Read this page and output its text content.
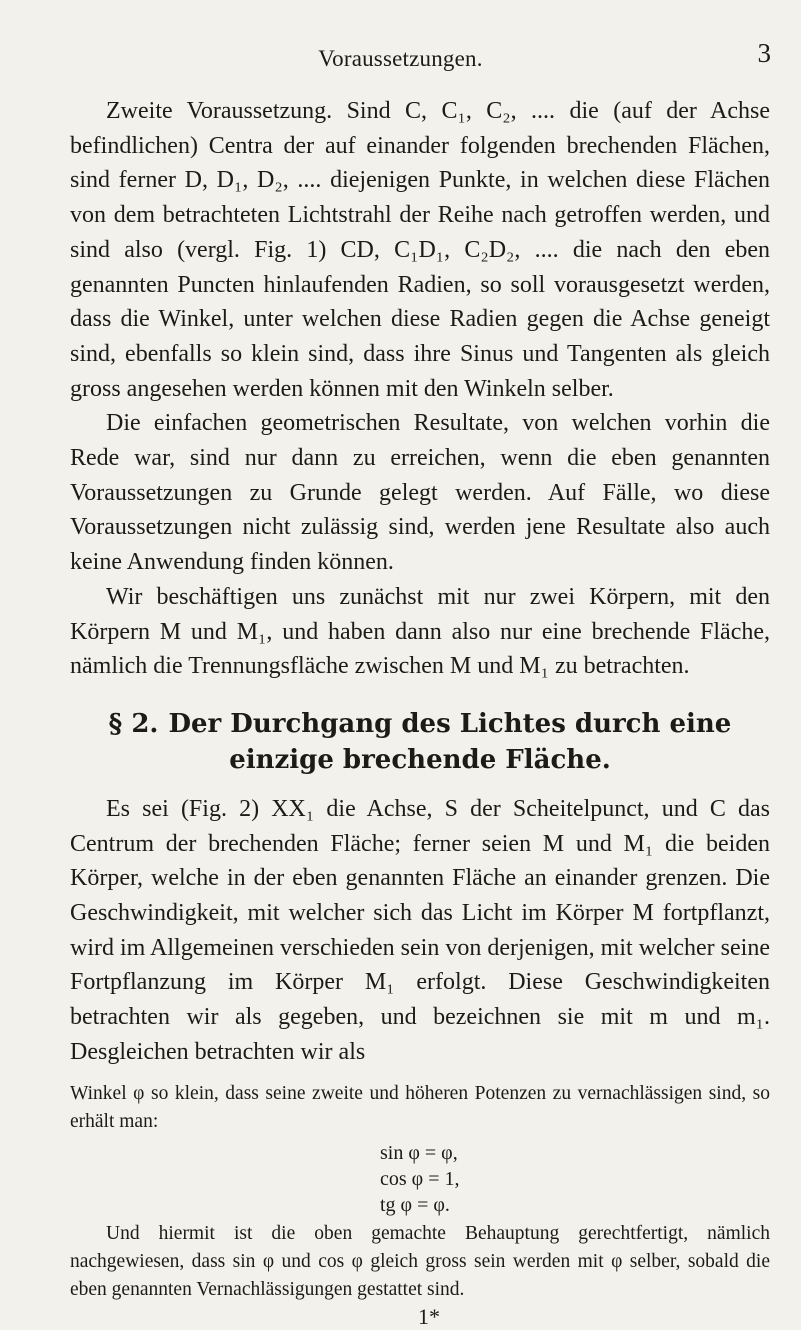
Voraussetzungen.	3

Zweite Voraussetzung. Sind C, C₁, C₂, .... die (auf der Achse befindlichen) Centra der auf einander folgenden brechenden Flächen, sind ferner D, D₁, D₂, .... diejenigen Punkte, in welchen diese Flächen von dem betrachteten Lichtstrahl der Reihe nach getroffen werden, und sind also (vergl. Fig. 1) CD, C₁D₁, C₂D₂, .... die nach den eben genannten Puncten hinlaufenden Radien, so soll vorausgesetzt werden, dass die Winkel, unter welchen diese Radien gegen die Achse geneigt sind, ebenfalls so klein sind, dass ihre Sinus und Tangenten als gleich gross angesehen werden können mit den Winkeln selber.

Die einfachen geometrischen Resultate, von welchen vorhin die Rede war, sind nur dann zu erreichen, wenn die eben genannten Voraussetzungen zu Grunde gelegt werden. Auf Fälle, wo diese Voraussetzungen nicht zulässig sind, werden jene Resultate also auch keine Anwendung finden können.

Wir beschäftigen uns zunächst mit nur zwei Körpern, mit den Körpern M und M₁, und haben dann also nur eine brechende Fläche, nämlich die Trennungsfläche zwischen M und M₁ zu betrachten.

§ 2. Der Durchgang des Lichtes durch eine einzige brechende Fläche.

Es sei (Fig. 2) XX₁ die Achse, S der Scheitelpunct, und C das Centrum der brechenden Fläche; ferner seien M und M₁ die beiden Körper, welche in der eben genannten Fläche an einander grenzen. Die Geschwindigkeit, mit welcher sich das Licht im Körper M fortpflanzt, wird im Allgemeinen verschieden sein von derjenigen, mit welcher seine Fortpflanzung im Körper M₁ erfolgt. Diese Geschwindigkeiten betrachten wir als gegeben, und bezeichnen sie mit m und m₁. Desgleichen betrachten wir als

Winkel φ so klein, dass seine zweite und höheren Potenzen zu vernachlässigen sind, so erhält man:

sin φ = φ,
cos φ = 1,
tg φ = φ.

Und hiermit ist die oben gemachte Behauptung gerechtfertigt, nämlich nachgewiesen, dass sin φ und cos φ gleich gross sein werden mit φ selber, sobald die eben genannten Vernachlässigungen gestattet sind.

1*
